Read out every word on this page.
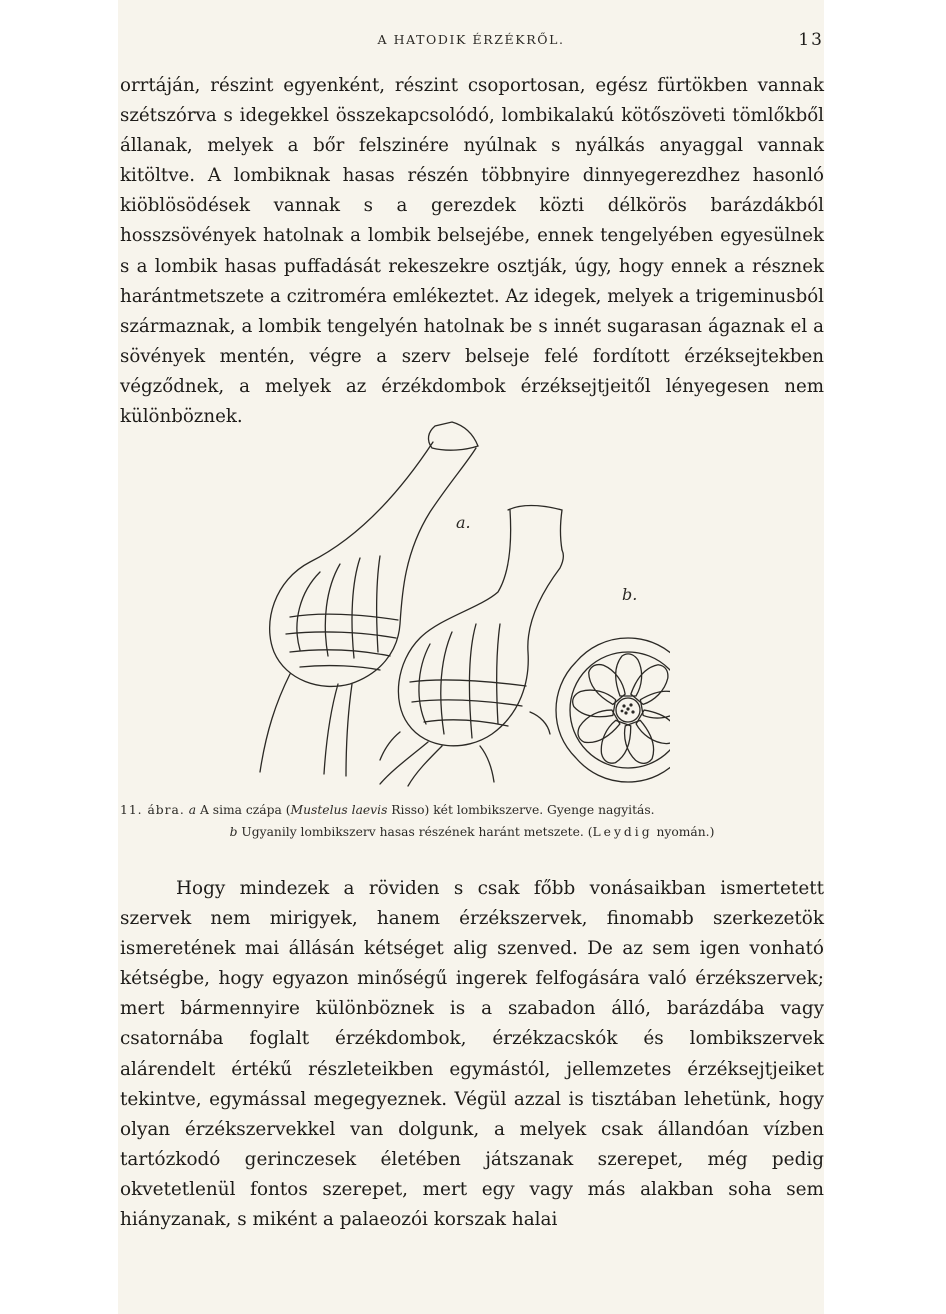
A HATODIK ÉRZÉKRŐL.	13

orrtáján, részint egyenként, részint csoportosan, egész fürtökben vannak szétszórva s idegekkel összekapcsolódó, lombikalakú kötőszöveti tömlőkből állanak, melyek a bőr felszinére nyúlnak s nyálkás anyaggal vannak kitöltve. A lombiknak hasas részén többnyire dinnyegerezdhez hasonló kiöblösödések vannak s a gerezdek közti délkörös barázdákból hosszsövények hatolnak a lombik belsejébe, ennek tengelyében egyesülnek s a lombik hasas puffadását rekeszekre osztják, úgy, hogy ennek a résznek harántmetszete a czitroméra emlékeztet. Az idegek, melyek a trigeminusból származnak, a lombik tengelyén hatolnak be s innét sugarasan ágaznak el a sövények mentén, végre a szerv belseje felé fordított érzéksejtekben végződnek, a melyek az érzékdombok érzéksejtjeitől lényegesen nem különböznek.

a.
b.
11. ábra. a A sima czápa (Mustelus laevis Risso) két lombikszerve. Gyenge nagyitás.
b Ugyanily lombikszerv hasas részének haránt metszete. (Leydig nyomán.)

Hogy mindezek a röviden s csak főbb vonásaikban ismertetett szervek nem mirigyek, hanem érzékszervek, finomabb szerkezetök ismeretének mai állásán kétséget alig szenved. De az sem igen vonható kétségbe, hogy egyazon minőségű ingerek felfogására való érzékszervek; mert bármennyire különböznek is a szabadon álló, barázdába vagy csatornába foglalt érzékdombok, érzékzacskók és lombikszervek alárendelt értékű részleteikben egymástól, jellemzetes érzéksejtjeiket tekintve, egymással megegyeznek. Végül azzal is tisztában lehetünk, hogy olyan érzékszervekkel van dolgunk, a melyek csak állandóan vízben tartózkodó gerinczesek életében játszanak szerepet, még pedig okvetetlenül fontos szerepet, mert egy vagy más alakban soha sem hiányzanak, s miként a palaeozói korszak halai
